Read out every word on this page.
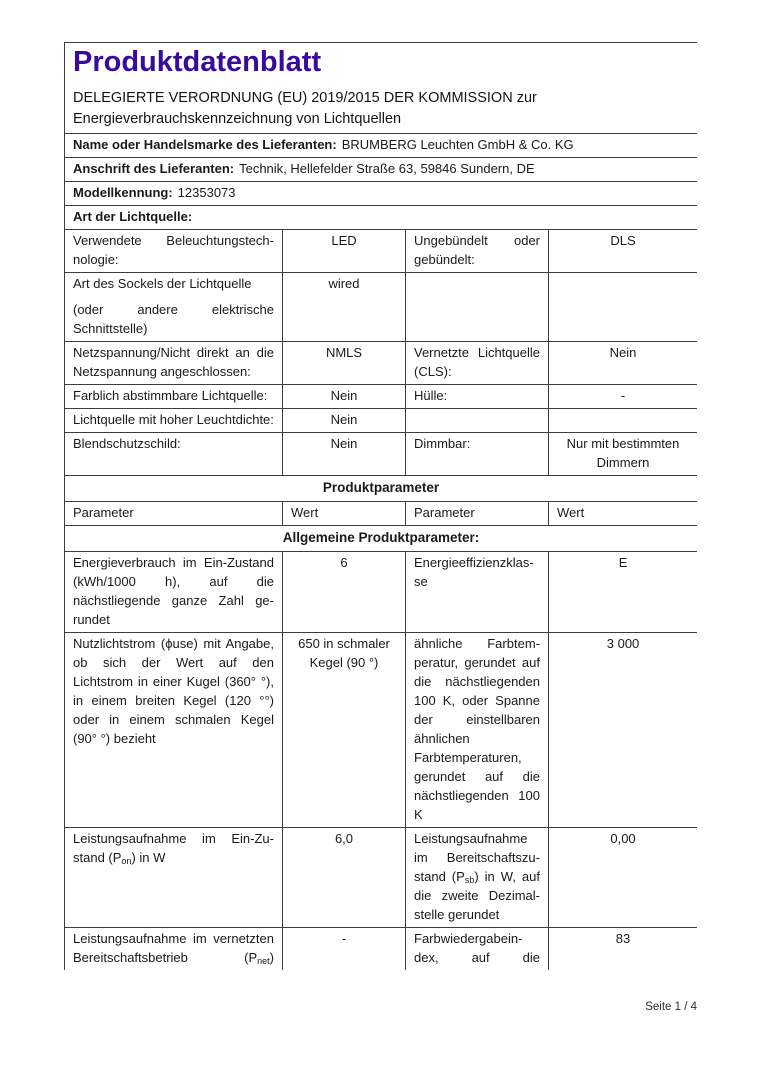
Produktdatenblatt
DELEGIERTE VERORDNUNG (EU) 2019/2015 DER KOMMISSION zur
Energieverbrauchskennzeichnung von Lichtquellen			

Name oder Handelsmarke des Lieferanten: BRUMBERG Leuchten GmbH & Co. KG			
Anschrift des Lieferanten: Technik, Hellefelder Straße 63, 59846 Sundern, DE			
Modellkennung: 12353073			
Art der Lichtquelle:			
Verwendete Beleuchtungstechnologie:	LED	Ungebündelt oder gebündelt:	DLS

Art des Sockels der Lichtquelle
(oder andere elektrische Schnittstelle)	wired		
Netzspannung/Nicht direkt an die Netzspannung angeschlossen:	NMLS	Vernetzte Lichtquelle (CLS):	Nein
Farblich abstimmbare Lichtquelle:	Nein	Hülle:	-
Lichtquelle mit hoher Leuchtdichte:	Nein		
Blendschutzschild:	Nein	Dimmbar:	Nur mit bestimmten Dimmern
Produktparameter			
Parameter	Wert	Parameter	Wert
Allgemeine Produktparameter:			
Energieverbrauch im Ein-Zustand (kWh/1000 h), auf die nächstliegende ganze Zahl gerundet	6	Energieeffizienzklasse	E
Nutzlichtstrom (ϕuse) mit Angabe, ob sich der Wert auf den Lichtstrom in einer Kugel (360° °), in einem breiten Kegel (120 °°) oder in einem schmalen Kegel (90° °) bezieht	650 in schmaler Kegel (90 °)	ähnliche Farbtemperatur, gerundet auf die nächstliegenden 100 K, oder Spanne der einstellbaren ähnlichen Farbtemperaturen, gerundet auf die nächstliegenden 100 K	3 000
Leistungsaufnahme im Ein-Zustand $(P_{on})$ in W	6,0	Leistungsaufnahme im Bereitschaftszustand $(P_{sb})$ in W, auf die zweite Dezimalstelle gerundet	0,00
Leistungsaufnahme im vernetzten Bereitschaftsbetrieb $(P_{net})$	-	Farbwiedergabeindex, auf die	83
Seite 1 / 4
